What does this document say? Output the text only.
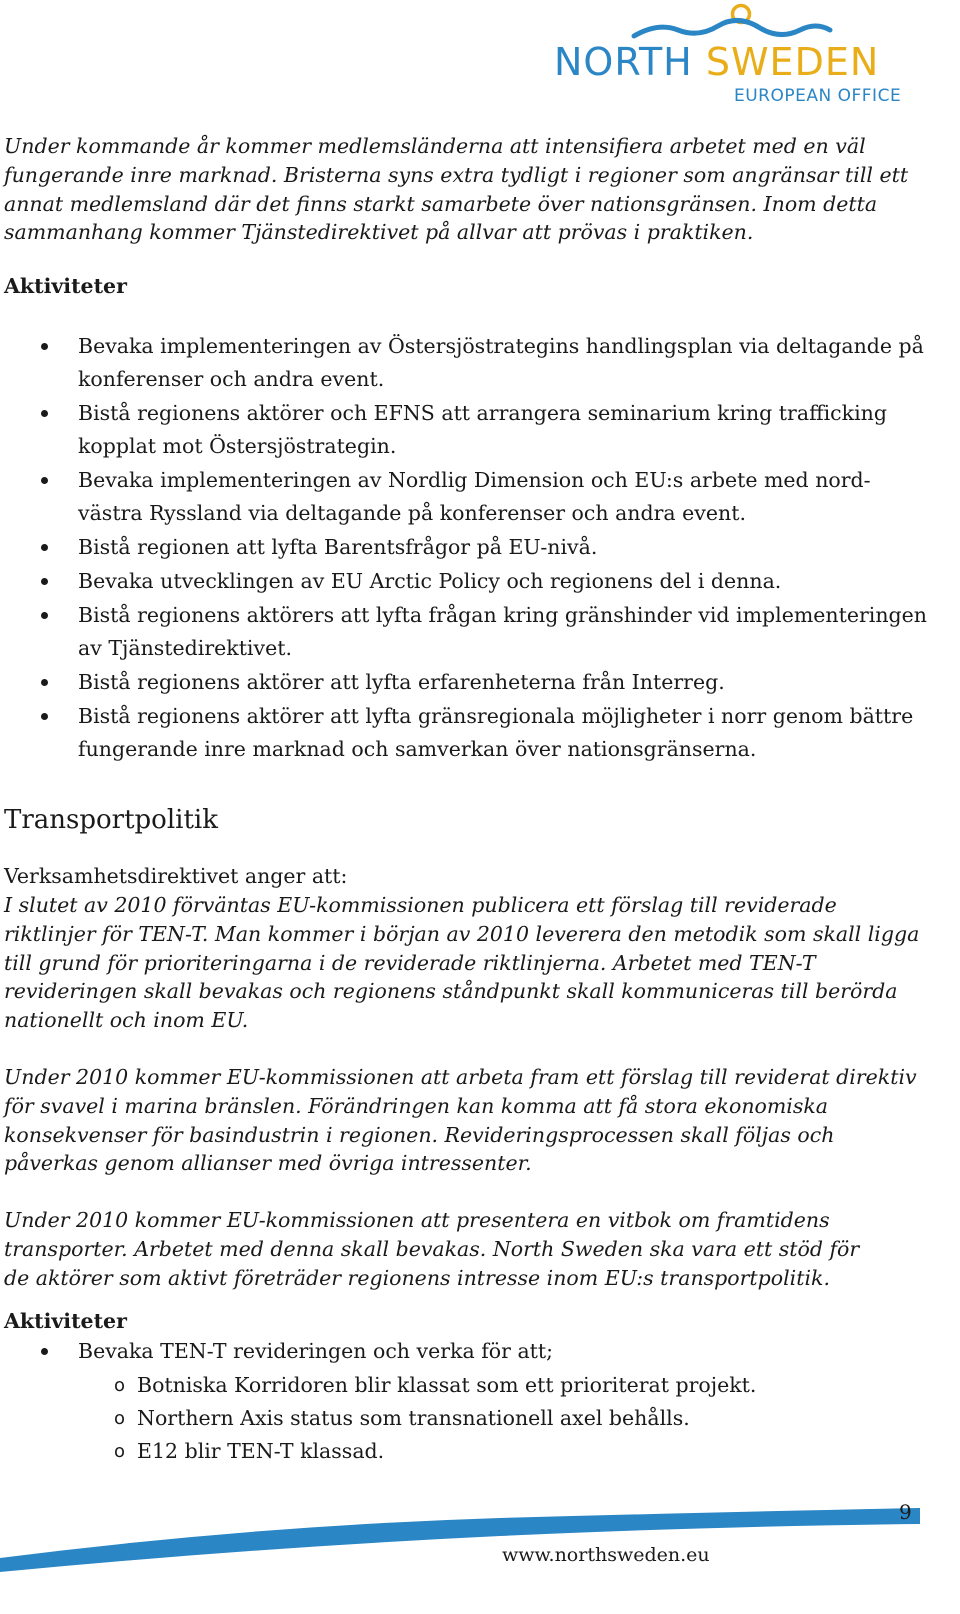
NORTH SWEDEN
EUROPEAN OFFICE

Under kommande år kommer medlemsländerna att intensifiera arbetet med en väl fungerande inre marknad. Bristerna syns extra tydligt i regioner som angränsar till ett annat medlemsland där det finns starkt samarbete över nationsgränsen. Inom detta sammanhang kommer Tjänstedirektivet på allvar att prövas i praktiken.

Aktiviteter

Bevaka implementeringen av Östersjöstrategins handlingsplan via deltagande på konferenser och andra event.
Bistå regionens aktörer och EFNS att arrangera seminarium kring trafficking kopplat mot Östersjöstrategin.
Bevaka implementeringen av Nordlig Dimension och EU:s arbete med nord-västra Ryssland via deltagande på konferenser och andra event.
Bistå regionen att lyfta Barentsfrågor på EU-nivå.
Bevaka utvecklingen av EU Arctic Policy och regionens del i denna.
Bistå regionens aktörers att lyfta frågan kring gränshinder vid implementeringen av Tjänstedirektivet.
Bistå regionens aktörer att lyfta erfarenheterna från Interreg.
Bistå regionens aktörer att lyfta gränsregionala möjligheter i norr genom bättre fungerande inre marknad och samverkan över nationsgränserna.

Transportpolitik

Verksamhetsdirektivet anger att:

I slutet av 2010 förväntas EU-kommissionen publicera ett förslag till reviderade riktlinjer för TEN-T. Man kommer i början av 2010 leverera den metodik som skall ligga till grund för prioriteringarna i de reviderade riktlinjerna. Arbetet med TEN-T revideringen skall bevakas och regionens ståndpunkt skall kommuniceras till berörda nationellt och inom EU.

Under 2010 kommer EU-kommissionen att arbeta fram ett förslag till reviderat direktiv för svavel i marina bränslen. Förändringen kan komma att få stora ekonomiska konsekvenser för basindustrin i regionen. Revideringsprocessen skall följas och påverkas genom allianser med övriga intressenter.

Under 2010 kommer EU-kommissionen att presentera en vitbok om framtidens transporter. Arbetet med denna skall bevakas. North Sweden ska vara ett stöd för de aktörer som aktivt företräder regionens intresse inom EU:s transportpolitik.

Aktiviteter

Bevaka TEN-T revideringen och verka för att;
o Botniska Korridoren blir klassat som ett prioriterat projekt.
o Northern Axis status som transnationell axel behålls.
o E12 blir TEN-T klassad.
9
www.northsweden.eu
